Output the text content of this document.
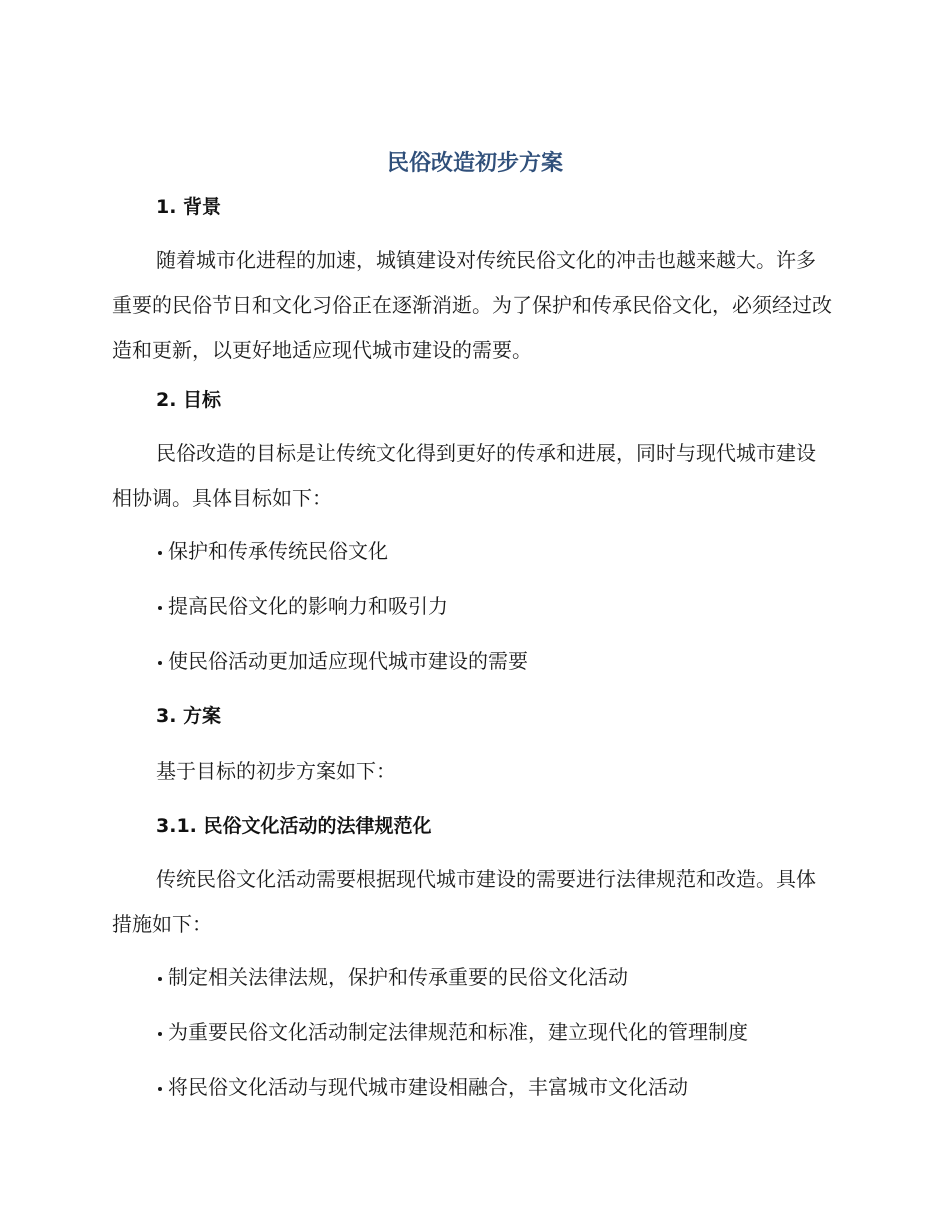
民俗改造初步方案
1. 背景
随着城市化进程的加速，城镇建设对传统民俗文化的冲击也越来越大。许多重要的民俗节日和文化习俗正在逐渐消逝。为了保护和传承民俗文化，必须经过改造和更新，以更好地适应现代城市建设的需要。
2. 目标
民俗改造的目标是让传统文化得到更好的传承和进展，同时与现代城市建设相协调。具体目标如下：
保护和传承传统民俗文化
提高民俗文化的影响力和吸引力
使民俗活动更加适应现代城市建设的需要
3. 方案
基于目标的初步方案如下：
3.1. 民俗文化活动的法律规范化
传统民俗文化活动需要根据现代城市建设的需要进行法律规范和改造。具体措施如下：
制定相关法律法规，保护和传承重要的民俗文化活动
为重要民俗文化活动制定法律规范和标准，建立现代化的管理制度
将民俗文化活动与现代城市建设相融合，丰富城市文化活动
